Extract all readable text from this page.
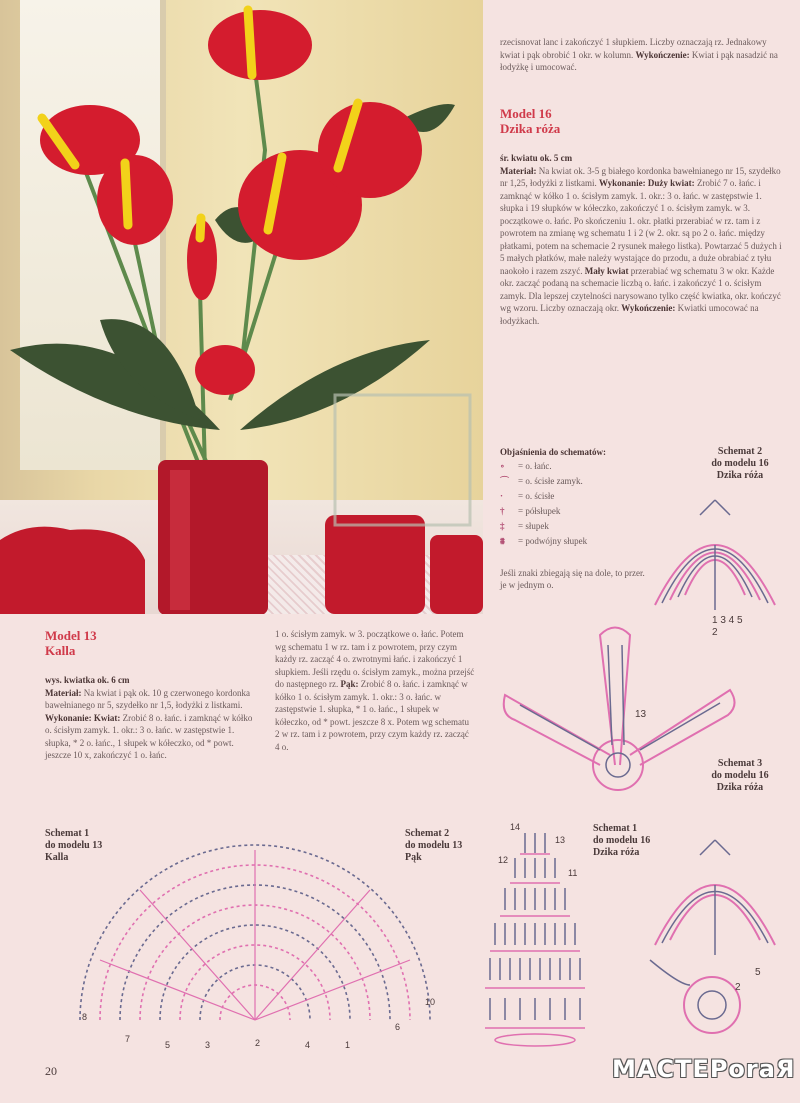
rzecisnovat lanc i zakończyć 1 słupkiem. Liczby oznaczają rz. Jednakowy kwiat i pąk obrobić 1 okr. w kolumn. Wykończenie: Kwiat i pąk nasadzić na łodyżkę i umocować.
Model 16
Dzika róża
śr. kwiatu ok. 5 cm
Materiał: Na kwiat ok. 3-5 g białego kordonka bawełnianego nr 15, szydełko nr 1,25, łodyżki z listkami. Wykonanie: Duży kwiat: Zrobić 7 o. łańc. i zamknąć w kółko 1 o. ścisłym zamyk. 1. okr.: 3 o. łańc. w zastępstwie 1. słupka i 19 słupków w kółeczko, zakończyć 1 o. ścisłym zamyk. w 3. początkowe o. łańc. Po skończeniu 1. okr. płatki przerabiać w rz. tam i z powrotem na zmianę wg schematu 1 i 2 (w 2. okr. są po 2 o. łańc. między płatkami, potem na schemacie 2 rysunek małego listka). Powtarzać 5 dużych i 5 małych płatków, małe należy wystające do przodu, a duże obrabiać z tyłu naokoło i razem zszyć. Mały kwiat przerabiać wg schematu 3 w okr. Każde okr. zacząć podaną na schemacie liczbą o. łańc. i zakończyć 1 o. ścisłym zamyk. Dla lepszej czytelności narysowano tylko część kwiatka, okr. kończyć wg wzoru. Liczby oznaczają okr. Wykończenie: Kwiatki umocować na łodyżkach.
Objaśnienia do schematów:
∘ = o. łańc.
⌒ = o. ścisłe zamyk.
· = o. ścisłe
† = półsłupek
‡ = słupek
⩩ = podwójny słupek
Jeśli znaki zbiegają się na dole, to przer. je w jednym o.
Schemat 2
do modelu 16
Dzika róża
1 3 4 5
2
13
Schemat 3
do modelu 16
Dzika róża
Model 13
Kalla
wys. kwiatka ok. 6 cm
Materiał: Na kwiat i pąk ok. 10 g czerwonego kordonka bawełnianego nr 5, szydełko nr 1,5, łodyżki z listkami. Wykonanie: Kwiat: Zrobić 8 o. łańc. i zamknąć w kółko o. ścisłym zamyk. 1. okr.: 3 o. łańc. w zastępstwie 1. słupka, * 2 o. łańc., 1 słupek w kółeczko, od * powt. jeszcze 10 x, zakończyć 1 o. łańc.
1 o. ścisłym zamyk. w 3. początkowe o. łańc. Potem wg schematu 1 w rz. tam i z powrotem, przy czym każdy rz. zacząć 4 o. zwrotnymi łańc. i zakończyć 1 słupkiem. Jeśli rzędu o. ścisłym zamyk., można przejść do następnego rz. Pąk: Zrobić 8 o. łańc. i zamknąć w kółko 1 o. ścisłym zamyk. 1. okr.: 3 o. łańc. w zastępstwie 1. słupka, * 1 o. łańc., 1 słupek w kółeczko, od * powt. jeszcze 8 x. Potem wg schematu 2 w rz. tam i z powrotem, przy czym każdy rz. zacząć 4 o.
Schemat 1
do modelu 13
Kalla
10
8
6
7
5	3	4
2	1
Schemat 2
do modelu 13
Pąk
14
13
12
11
Schemat 1
do modelu 16
Dzika róża
5
2
20	МАСТЕРоrаЯ
